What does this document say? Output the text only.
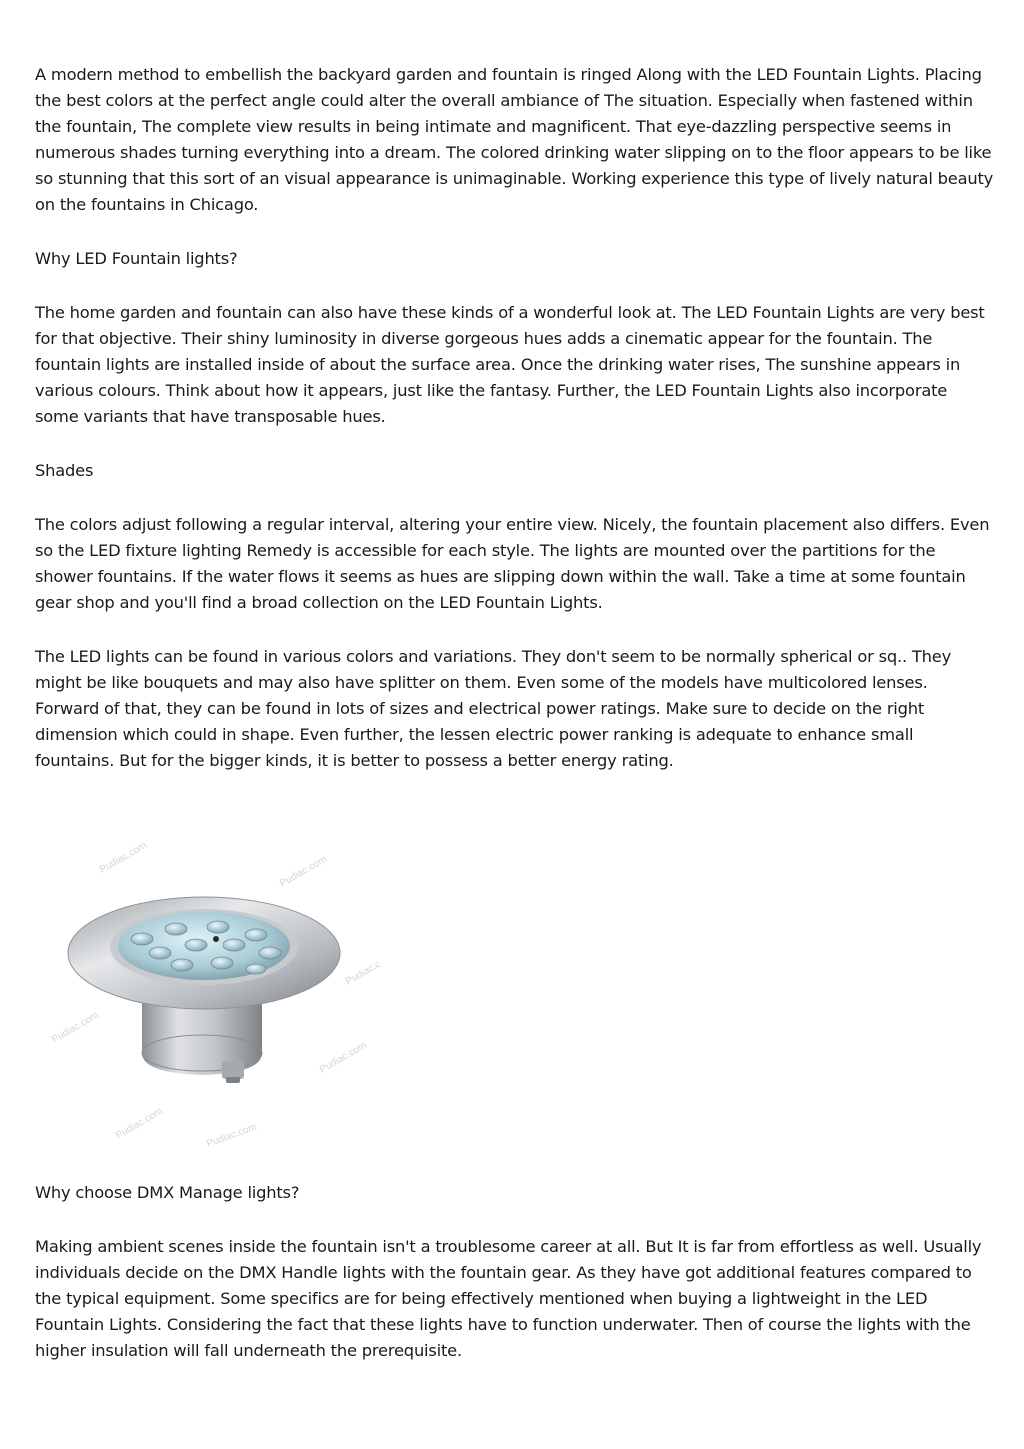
A modern method to embellish the backyard garden and fountain is ringed Along with the LED Fountain Lights. Placing the best colors at the perfect angle could alter the overall ambiance of The situation. Especially when fastened within the fountain, The complete view results in being intimate and magnificent. That eye-dazzling perspective seems in numerous shades turning everything into a dream. The colored drinking water slipping on to the floor appears to be like so stunning that this sort of an visual appearance is unimaginable. Working experience this type of lively natural beauty on the fountains in Chicago.

Why LED Fountain lights?

The home garden and fountain can also have these kinds of a wonderful look at. The LED Fountain Lights are very best for that objective. Their shiny luminosity in diverse gorgeous hues adds a cinematic appear for the fountain. The fountain lights are installed inside of about the surface area. Once the drinking water rises, The sunshine appears in various colours. Think about how it appears, just like the fantasy. Further, the LED Fountain Lights also incorporate some variants that have transposable hues.

Shades

The colors adjust following a regular interval, altering your entire view. Nicely, the fountain placement also differs. Even so the LED fixture lighting Remedy is accessible for each style. The lights are mounted over the partitions for the shower fountains. If the water flows it seems as hues are slipping down within the wall. Take a time at some fountain gear shop and you'll find a broad collection on the LED Fountain Lights.

The LED lights can be found in various colors and variations. They don't seem to be normally spherical or sq.. They might be like bouquets and may also have splitter on them. Even some of the models have multicolored lenses. Forward of that, they can be found in lots of sizes and electrical power ratings. Make sure to decide on the right dimension which could in shape. Even further, the lessen electric power ranking is adequate to enhance small fountains. But for the bigger kinds, it is better to possess a better energy rating.

Pudiac.com	Pudiac.com
Pudiac.c
Pudiac.com
Pudiac.com
Pudiac.com	Pudiac.com

Why choose DMX Manage lights?

Making ambient scenes inside the fountain isn't a troublesome career at all. But It is far from effortless as well. Usually individuals decide on the DMX Handle lights with the fountain gear. As they have got additional features compared to the typical equipment. Some specifics are for being effectively mentioned when buying a lightweight in the LED Fountain Lights. Considering the fact that these lights have to function underwater. Then of course the lights with the higher insulation will fall underneath the prerequisite.
